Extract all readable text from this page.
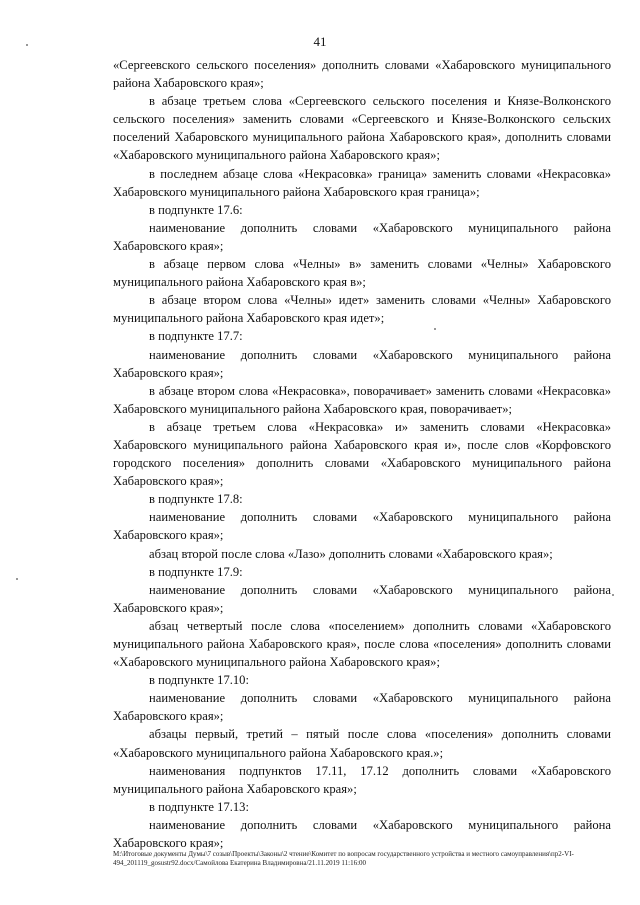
41

«Сергеевского сельского поселения» дополнить словами «Хабаровского муниципального района Хабаровского края»;

в абзаце третьем слова «Сергеевского сельского поселения и Князе-Волконского сельского поселения» заменить словами «Сергеевского и Князе-Волконского сельских поселений Хабаровского муниципального района Хабаровского края», дополнить словами «Хабаровского муниципального района Хабаровского края»;

в последнем абзаце слова «Некрасовка» граница» заменить словами «Некрасовка» Хабаровского муниципального района Хабаровского края граница»;

в подпункте 17.6:

наименование дополнить словами «Хабаровского муниципального района Хабаровского края»;

в абзаце первом слова «Челны» в» заменить словами «Челны» Хабаровского муниципального района Хабаровского края в»;

в абзаце втором слова «Челны» идет» заменить словами «Челны» Хабаровского муниципального района Хабаровского края идет»;

в подпункте 17.7:

наименование дополнить словами «Хабаровского муниципального района Хабаровского края»;

в абзаце втором слова «Некрасовка», поворачивает» заменить словами «Некрасовка» Хабаровского муниципального района Хабаровского края, поворачивает»;

в абзаце третьем слова «Некрасовка» и» заменить словами «Некрасовка» Хабаровского муниципального района Хабаровского края и», после слов «Корфовского городского поселения» дополнить словами «Хабаровского муниципального района Хабаровского края»;

в подпункте 17.8:

наименование дополнить словами «Хабаровского муниципального района Хабаровского края»;

абзац второй после слова «Лазо» дополнить словами «Хабаровского края»;

в подпункте 17.9:

наименование дополнить словами «Хабаровского муниципального района Хабаровского края»;

абзац четвертый после слова «поселением» дополнить словами «Хабаровского муниципального района Хабаровского края», после слова «поселения» дополнить словами «Хабаровского муниципального района Хабаровского края»;

в подпункте 17.10:

наименование дополнить словами «Хабаровского муниципального района Хабаровского края»;

абзацы первый, третий – пятый после слова «поселения» дополнить словами «Хабаровского муниципального района Хабаровского края.»;

наименования подпунктов 17.11, 17.12 дополнить словами «Хабаровского муниципального района Хабаровского края»;

в подпункте 17.13:

наименование дополнить словами «Хабаровского муниципального района Хабаровского края»;

М:\Итоговые документы Думы\7 созыв\Проекты\Законы\2 чтение\Комитет по вопросам государственного устройства и местного самоуправления\пр2-VI-
494_201119_gosustr92.docx/Самойлова Екатерина Владимировна/21.11.2019 11:16:00
